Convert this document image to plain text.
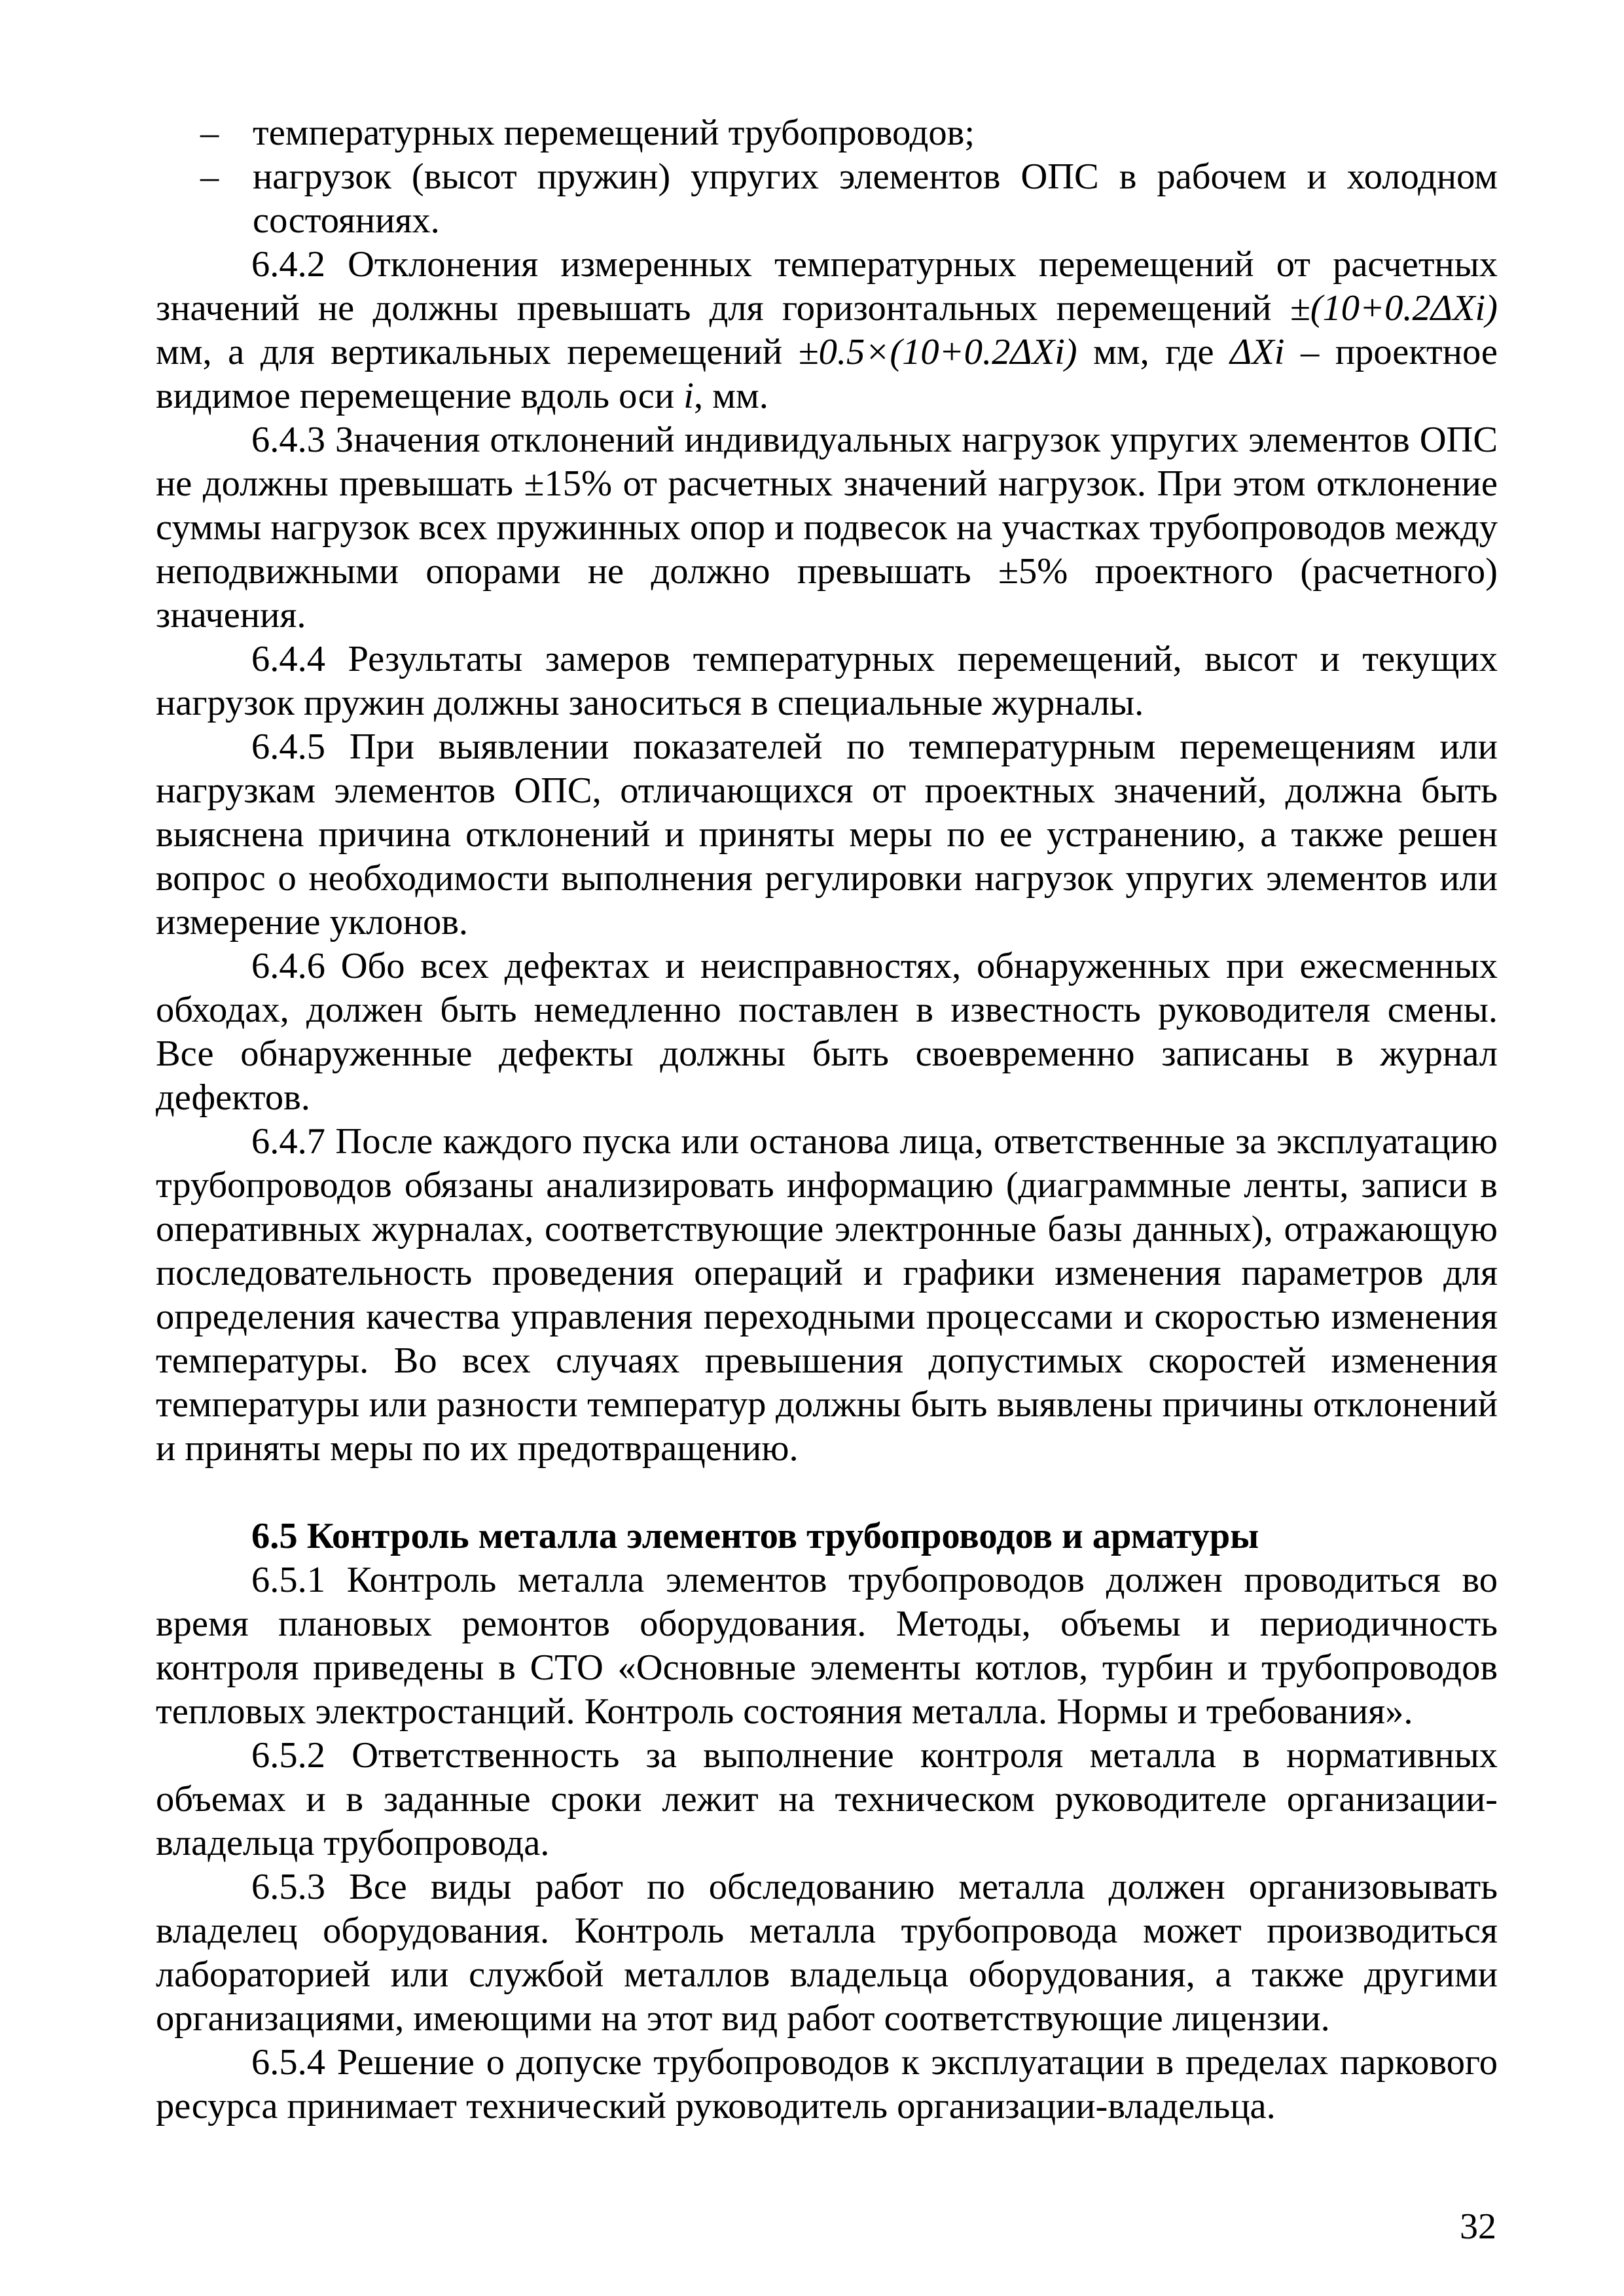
– температурных перемещений трубопроводов;

– нагрузок (высот пружин) упругих элементов ОПС в рабочем и холодном состояниях.

6.4.2 Отклонения измеренных температурных перемещений от расчетных значений не должны превышать для горизонтальных перемещений ±(10+0.2ΔXi) мм, а для вертикальных перемещений ±0.5×(10+0.2ΔXi) мм, где ΔXi – проектное видимое перемещение вдоль оси i, мм.

6.4.3 Значения отклонений индивидуальных нагрузок упругих элементов ОПС не должны превышать ±15% от расчетных значений нагрузок. При этом отклонение суммы нагрузок всех пружинных опор и подвесок на участках трубопроводов между неподвижными опорами не должно превышать ±5% проектного (расчетного) значения.

6.4.4 Результаты замеров температурных перемещений, высот и текущих нагрузок пружин должны заноситься в специальные журналы.

6.4.5 При выявлении показателей по температурным перемещениям или нагрузкам элементов ОПС, отличающихся от проектных значений, должна быть выяснена причина отклонений и приняты меры по ее устранению, а также решен вопрос о необходимости выполнения регулировки нагрузок упругих элементов или измерение уклонов.

6.4.6 Обо всех дефектах и неисправностях, обнаруженных при ежесменных обходах, должен быть немедленно поставлен в известность руководителя смены. Все обнаруженные дефекты должны быть своевременно записаны в журнал дефектов.

6.4.7 После каждого пуска или останова лица, ответственные за эксплуатацию трубопроводов обязаны анализировать информацию (диаграммные ленты, записи в оперативных журналах, соответствующие электронные базы данных), отражающую последовательность проведения операций и графики изменения параметров для определения качества управления переходными процессами и скоростью изменения температуры. Во всех случаях превышения допустимых скоростей изменения температуры или разности температур должны быть выявлены причины отклонений и приняты меры по их предотвращению.

6.5 Контроль металла элементов трубопроводов и арматуры

6.5.1 Контроль металла элементов трубопроводов должен проводиться во время плановых ремонтов оборудования. Методы, объемы и периодичность контроля приведены в СТО «Основные элементы котлов, турбин и трубопроводов тепловых электростанций. Контроль состояния металла. Нормы и требования».

6.5.2 Ответственность за выполнение контроля металла в нормативных объемах и в заданные сроки лежит на техническом руководителе организации-владельца трубопровода.

6.5.3 Все виды работ по обследованию металла должен организовывать владелец оборудования. Контроль металла трубопровода может производиться лабораторией или службой металлов владельца оборудования, а также другими организациями, имеющими на этот вид работ соответствующие лицензии.

6.5.4 Решение о допуске трубопроводов к эксплуатации в пределах паркового ресурса принимает технический руководитель организации-владельца.

32
